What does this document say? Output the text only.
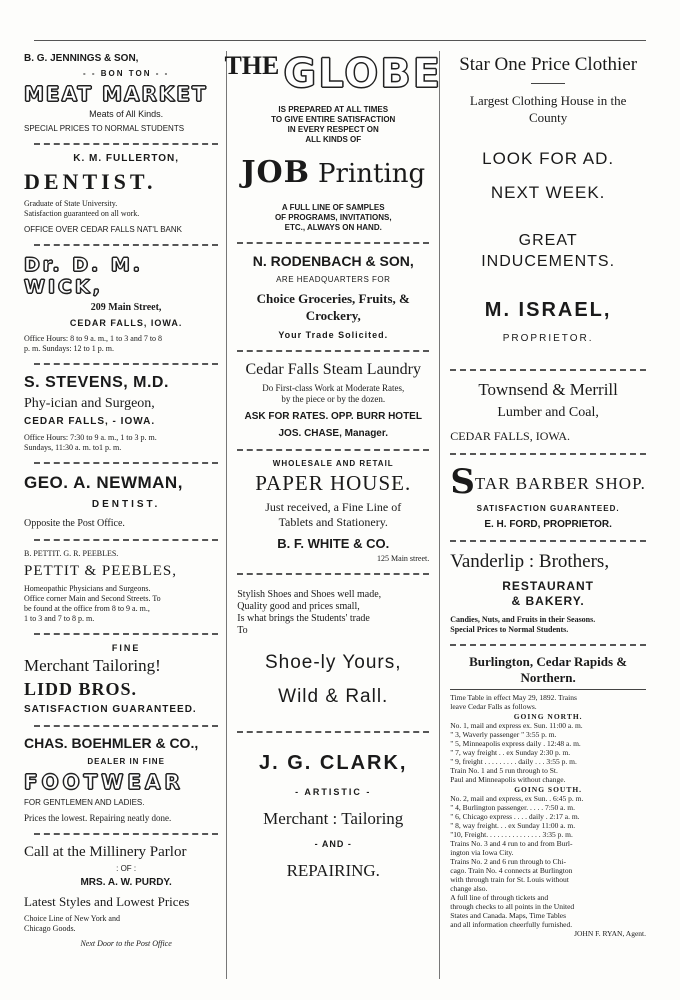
B. G. JENNINGS & SON,
- - BON TON - -
MEAT MARKET
Meats of All Kinds.
SPECIAL PRICES TO NORMAL STUDENTS
K. M. FULLERTON,
DENTIST.
Graduate of State University.
Satisfaction guaranteed on all work.
OFFICE OVER CEDAR FALLS NAT'L BANK
Dr. D. M. WICK,
209 Main Street,
CEDAR FALLS, IOWA.
Office Hours: 8 to 9 a. m., 1 to 3 and 7 to 8
p. m. Sundays: 12 to 1 p. m.
S. STEVENS, M.D.
Phy-ician and Surgeon,
CEDAR FALLS, - IOWA.
Office Hours: 7:30 to 9 a. m., 1 to 3 p. m.
Sundays, 11:30 a. m. to1 p. m.
GEO. A. NEWMAN,
DENTIST.
Opposite the Post Office.
B. PETTIT. G. R. PEEBLES.
PETTIT & PEEBLES,
Homeopathic Physicians and Surgeons.
Office corner Main and Second Streets. To
be found at the office from 8 to 9 a. m.,
1 to 3 and 7 to 8 p. m.
FINE
Merchant Tailoring!
LIDD BROS.
SATISFACTION GUARANTEED.
CHAS. BOEHMLER & CO.,
DEALER IN FINE
FOOTWEAR
FOR GENTLEMEN AND LADIES.
Prices the lowest. Repairing neatly done.
Call at the Millinery Parlor
: OF :
MRS. A. W. PURDY.
Latest Styles and Lowest Prices
Choice Line of New York and
Chicago Goods.
Next Door to the Post Office
THE GLOBE
IS PREPARED AT ALL TIMES
TO GIVE ENTIRE SATISFACTION
IN EVERY RESPECT ON
ALL KINDS OF
JOB Printing
A FULL LINE OF SAMPLES
OF PROGRAMS, INVITATIONS,
ETC., ALWAYS ON HAND.
N. RODENBACH & SON,
ARE HEADQUARTERS FOR
Choice Groceries, Fruits, & Crockery,
Your Trade Solicited.
Cedar Falls Steam Laundry
Do First-class Work at Moderate Rates,
by the piece or by the dozen.
ASK FOR RATES. OPP. BURR HOTEL
JOS. CHASE, Manager.
WHOLESALE AND RETAIL
PAPER HOUSE.
Just received, a Fine Line of
Tablets and Stationery.
B. F. WHITE & CO.
125 Main street.
Stylish Shoes and Shoes well made,
Quality good and prices small,
Is what brings the Students' trade
To
Shoe-ly Yours,
Wild & Rall.
J. G. CLARK,
- ARTISTIC -
Merchant : Tailoring
- AND -
REPAIRING.
Star One Price Clothier
Largest Clothing House in the County
LOOK FOR AD.
NEXT WEEK.
GREAT INDUCEMENTS.
M. ISRAEL,
PROPRIETOR.
Townsend & Merrill
Lumber and Coal,
CEDAR FALLS, IOWA.
STAR BARBER SHOP.
SATISFACTION GUARANTEED.
E. H. FORD, PROPRIETOR.
Vanderlip : Brothers,
RESTAURANT
& BAKERY.
Candies, Nuts, and Fruits in their Seasons.
Special Prices to Normal Students.
Burlington, Cedar Rapids & Northern.
Time Table in effect May 29, 1892. Trains
leave Cedar Falls as follows.
GOING NORTH.
No. 1, mail and express ex. Sun. 11:00 a. m.
" 3, Waverly passenger " 3:55 p. m.
" 5, Minneapolis express daily . 12:48 a. m.
" 7, way freight . . ex Sunday 2:30 p. m.
" 9, freight . . . . . . . . . daily . . . 3:55 p. m.
Train No. 1 and 5 run through to St.
Paul and Minneapolis without change.
GOING SOUTH.
No. 2, mail and express, ex Sun. . 6:45 p. m.
" 4, Burlington passenger. . . . . 7:50 a. m.
" 6, Chicago express . . . . daily . 2:17 a. m.
" 8, way freight. . . ex Sunday 11:00 a. m.
"10, Freight. . . . . . . . . . . . . . . 3:35 p. m.
Trains No. 3 and 4 run to and from Burl-
ington via Iowa City.
Trains No. 2 and 6 run through to Chi-
cago. Train No. 4 connects at Burlington
with through train for St. Louis without
change also.
A full line of through tickets and
through checks to all points in the United
States and Canada. Maps, Time Tables
and all information cheerfully furnished.
JOHN F. RYAN, Agent.
